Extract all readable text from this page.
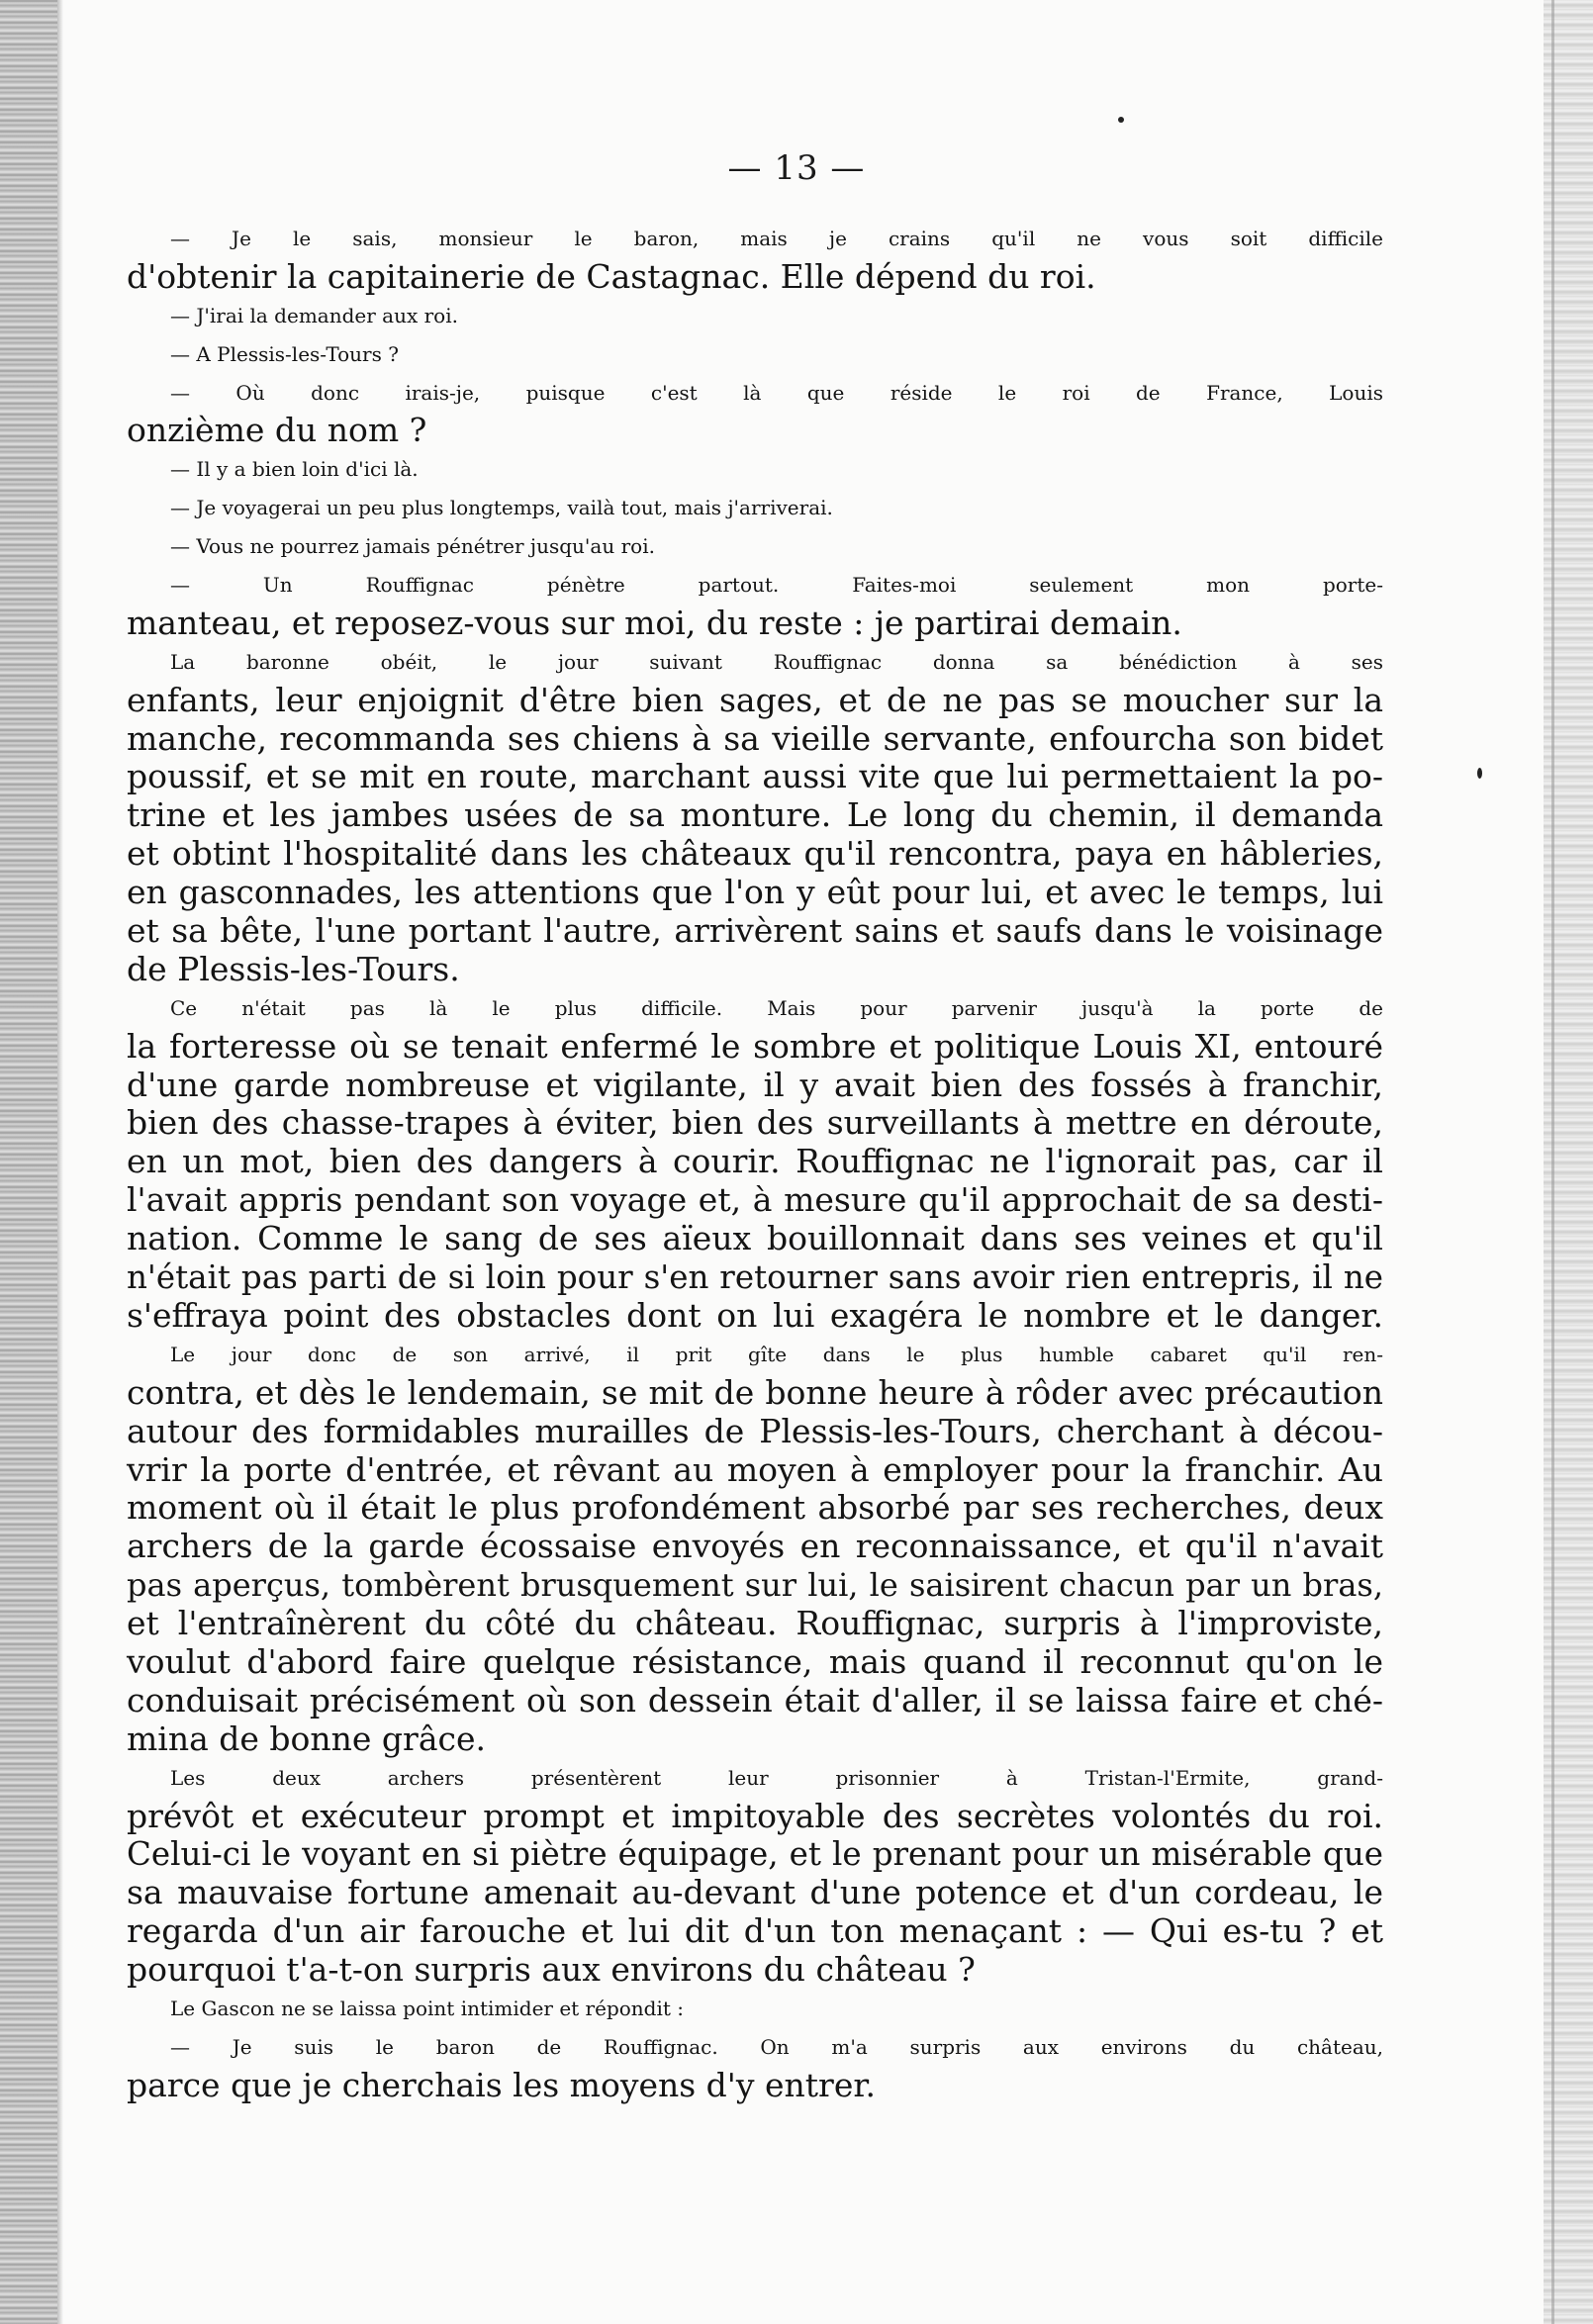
— 13 —
— Je le sais, monsieur le baron, mais je crains qu'il ne vous soit difficile
d'obtenir la capitainerie de Castagnac. Elle dépend du roi.
— J'irai la demander aux roi.
— A Plessis-les-Tours ?
— Où donc irais-je, puisque c'est là que réside le roi de France, Louis
onzième du nom ?
— Il y a bien loin d'ici là.
— Je voyagerai un peu plus longtemps, vailà tout, mais j'arriverai.
— Vous ne pourrez jamais pénétrer jusqu'au roi.
— Un Rouffignac pénètre partout. Faites-moi seulement mon porte-
manteau, et reposez-vous sur moi, du reste : je partirai demain.
La baronne obéit, le jour suivant Rouffignac donna sa bénédiction à ses
enfants, leur enjoignit d'être bien sages, et de ne pas se moucher sur la
manche, recommanda ses chiens à sa vieille servante, enfourcha son bidet
poussif, et se mit en route, marchant aussi vite que lui permettaient la po-
trine et les jambes usées de sa monture. Le long du chemin, il demanda
et obtint l'hospitalité dans les châteaux qu'il rencontra, paya en hâbleries,
en gasconnades, les attentions que l'on y eût pour lui, et avec le temps, lui
et sa bête, l'une portant l'autre, arrivèrent sains et saufs dans le voisinage
de Plessis-les-Tours.
Ce n'était pas là le plus difficile. Mais pour parvenir jusqu'à la porte de
la forteresse où se tenait enfermé le sombre et politique Louis XI, entouré
d'une garde nombreuse et vigilante, il y avait bien des fossés à franchir,
bien des chasse-trapes à éviter, bien des surveillants à mettre en déroute,
en un mot, bien des dangers à courir. Rouffignac ne l'ignorait pas, car il
l'avait appris pendant son voyage et, à mesure qu'il approchait de sa desti-
nation. Comme le sang de ses aïeux bouillonnait dans ses veines et qu'il
n'était pas parti de si loin pour s'en retourner sans avoir rien entrepris, il ne
s'effraya point des obstacles dont on lui exagéra le nombre et le danger.
Le jour donc de son arrivé, il prit gîte dans le plus humble cabaret qu'il ren-
contra, et dès le lendemain, se mit de bonne heure à rôder avec précaution
autour des formidables murailles de Plessis-les-Tours, cherchant à décou-
vrir la porte d'entrée, et rêvant au moyen à employer pour la franchir. Au
moment où il était le plus profondément absorbé par ses recherches, deux
archers de la garde écossaise envoyés en reconnaissance, et qu'il n'avait
pas aperçus, tombèrent brusquement sur lui, le saisirent chacun par un bras,
et l'entraînèrent du côté du château. Rouffignac, surpris à l'improviste,
voulut d'abord faire quelque résistance, mais quand il reconnut qu'on le
conduisait précisément où son dessein était d'aller, il se laissa faire et ché-
mina de bonne grâce.
Les deux archers présentèrent leur prisonnier à Tristan-l'Ermite, grand-
prévôt et exécuteur prompt et impitoyable des secrètes volontés du roi.
Celui-ci le voyant en si piètre équipage, et le prenant pour un misérable que
sa mauvaise fortune amenait au-devant d'une potence et d'un cordeau, le
regarda d'un air farouche et lui dit d'un ton menaçant : — Qui es-tu ? et
pourquoi t'a-t-on surpris aux environs du château ?
Le Gascon ne se laissa point intimider et répondit :
— Je suis le baron de Rouffignac. On m'a surpris aux environs du château,
parce que je cherchais les moyens d'y entrer.
